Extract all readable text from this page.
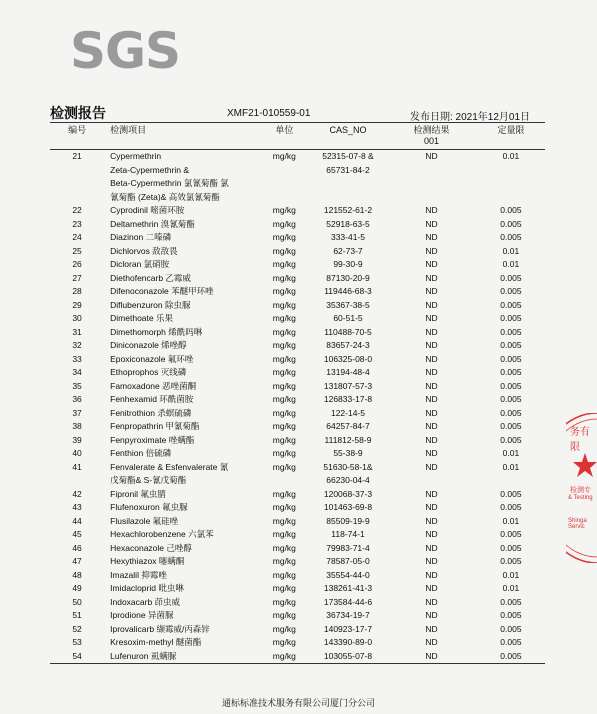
SGS
检测报告	XMF21-010559-01	发布日期: 2021年12月01日
编号	检测项目	单位	CAS_NO	检测结果
001	定量限
21	Cypermethrin	mg/kg	52315-07-8 &	ND	0.01
	Zeta-Cypermethrin &		65731-84-2		
	Beta-Cypermethrin 氯氰菊酯 氯				
	氰菊酯 (Zeta)& 高效氯氰菊酯				
22	Cyprodinil 嘧菌环胺	mg/kg	121552-61-2	ND	0.005
23	Deltamethrin 溴氰菊酯	mg/kg	52918-63-5	ND	0.005
24	Diazinon 二嗪磷	mg/kg	333-41-5	ND	0.005
25	Dichlorvos 敌敌畏	mg/kg	62-73-7	ND	0.01
26	Dicloran 氯硝胺	mg/kg	99-30-9	ND	0.01
27	Diethofencarb 乙霉威	mg/kg	87130-20-9	ND	0.005
28	Difenoconazole 苯醚甲环唑	mg/kg	119446-68-3	ND	0.005
29	Diflubenzuron 除虫脲	mg/kg	35367-38-5	ND	0.005
30	Dimethoate 乐果	mg/kg	60-51-5	ND	0.005
31	Dimethomorph 烯酰吗啉	mg/kg	110488-70-5	ND	0.005
32	Diniconazole 烯唑醇	mg/kg	83657-24-3	ND	0.005
33	Epoxiconazole 氟环唑	mg/kg	106325-08-0	ND	0.005
34	Ethoprophos 灭线磷	mg/kg	13194-48-4	ND	0.005
35	Famoxadone 恶唑菌酮	mg/kg	131807-57-3	ND	0.005
36	Fenhexamid 环酰菌胺	mg/kg	126833-17-8	ND	0.005
37	Fenitrothion 杀螟硫磷	mg/kg	122-14-5	ND	0.005
38	Fenpropathrin 甲氰菊酯	mg/kg	64257-84-7	ND	0.005
39	Fenpyroximate 唑螨酯	mg/kg	111812-58-9	ND	0.005
40	Fenthion 倍硫磷	mg/kg	55-38-9	ND	0.01
41	Fenvalerate & Esfenvalerate 氰	mg/kg	51630-58-1&	ND	0.01
	戊菊酯& S-氰戊菊酯		66230-04-4		
42	Fipronil 氟虫腈	mg/kg	120068-37-3	ND	0.005
43	Flufenoxuron 氟虫脲	mg/kg	101463-69-8	ND	0.005
44	Flusilazole 氟硅唑	mg/kg	85509-19-9	ND	0.01
45	Hexachlorobenzene 六氯苯	mg/kg	118-74-1	ND	0.005
46	Hexaconazole 己唑醇	mg/kg	79983-71-4	ND	0.005
47	Hexythiazox 噻螨酮	mg/kg	78587-05-0	ND	0.005
48	Imazalil 抑霉唑	mg/kg	35554-44-0	ND	0.01
49	Imidacloprid 吡虫啉	mg/kg	138261-41-3	ND	0.01
50	Indoxacarb 茚虫威	mg/kg	173584-44-6	ND	0.005
51	Iprodione 异菌脲	mg/kg	36734-19-7	ND	0.005
52	Iprovalicarb 缬霉威/丙森锌	mg/kg	140923-17-7	ND	0.005
53	Kresoxim-methyl 醚菌酯	mg/kg	143390-89-0	ND	0.005
54	Lufenuron 虱螨脲	mg/kg	103055-07-8	ND	0.005
务有限
检测专
& Testing
Shinga Servic
通标标准技术服务有限公司厦门分公司
